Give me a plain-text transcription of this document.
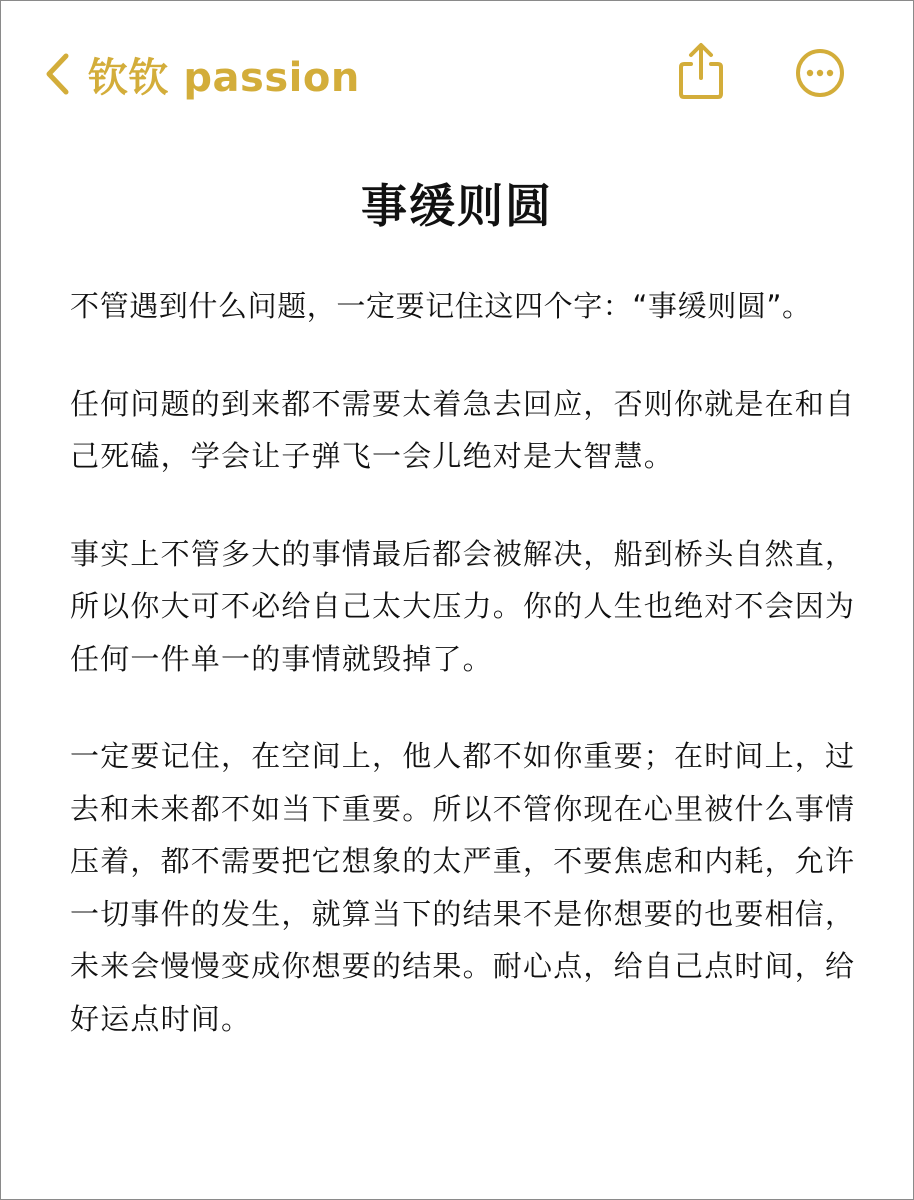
钦钦 passion
事缓则圆

不管遇到什么问题，一定要记住这四个字：“事缓则圆”。

任何问题的到来都不需要太着急去回应，否则你就是在和自己死磕，学会让子弹飞一会儿绝对是大智慧。

事实上不管多大的事情最后都会被解决，船到桥头自然直，所以你大可不必给自己太大压力。你的人生也绝对不会因为任何一件单一的事情就毁掉了。

一定要记住，在空间上，他人都不如你重要；在时间上，过去和未来都不如当下重要。所以不管你现在心里被什么事情压着，都不需要把它想象的太严重，不要焦虑和内耗，允许一切事件的发生，就算当下的结果不是你想要的也要相信，未来会慢慢变成你想要的结果。耐心点，给自己点时间，给好运点时间。
